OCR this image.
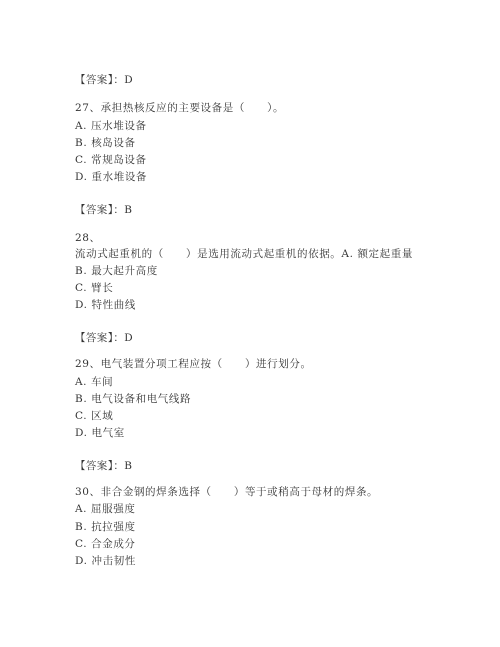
【答案】：D
27、承担热核反应的主要设备是（　　）。
A. 压水堆设备
B. 核岛设备
C. 常规岛设备
D. 重水堆设备
【答案】：B
28、
流动式起重机的（　　）是选用流动式起重机的依据。A. 额定起重量
B. 最大起升高度
C. 臂长
D. 特性曲线
【答案】：D
29、电气装置分项工程应按（　　）进行划分。
A. 车间
B. 电气设备和电气线路
C. 区域
D. 电气室
【答案】：B
30、非合金钢的焊条选择（　　）等于或稍高于母材的焊条。
A. 屈服强度
B. 抗拉强度
C. 合金成分
D. 冲击韧性
